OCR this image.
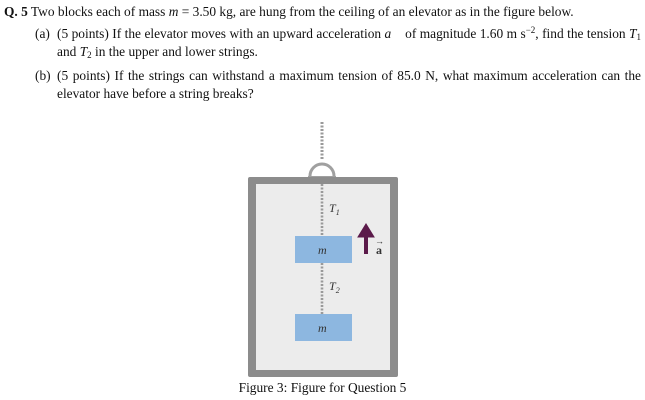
Q. 5 Two blocks each of mass m = 3.50 kg, are hung from the ceiling of an elevator as in the figure below.
(a) (5 points) If the elevator moves with an upward acceleration a⃗ of magnitude 1.60 m $s^{-2}$, find the tension $T_1$ and $T_2$ in the upper and lower strings.
(b) (5 points) If the strings can withstand a maximum tension of 85.0 N, what maximum acceleration can the elevator have before a string breaks?
$T_1$
$T_2$
m
m
a
→
Figure 3: Figure for Question 5
